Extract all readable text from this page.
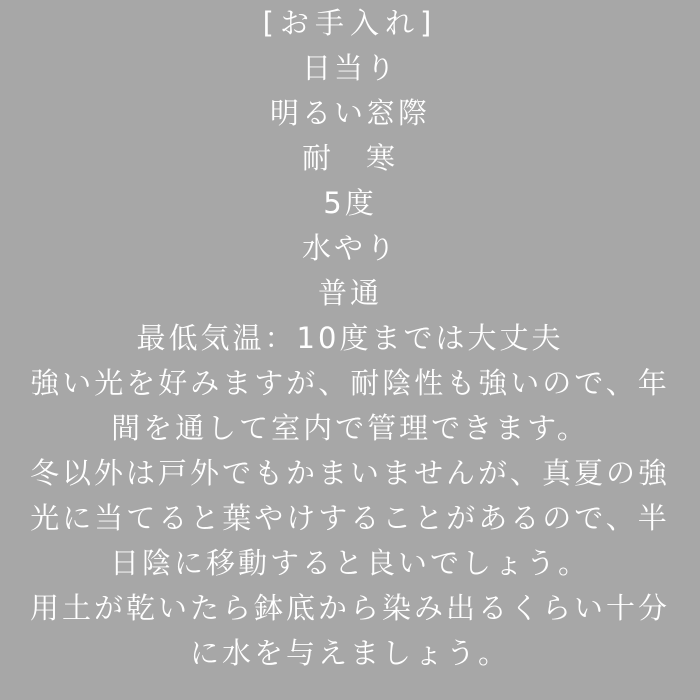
[お手入れ]
日当り
明るい窓際
耐　寒
5度
水やり
普通
最低気温：10度までは大丈夫
強い光を好みますが、耐陰性も強いので、年
間を通して室内で管理できます。
冬以外は戸外でもかまいませんが、真夏の強
光に当てると葉やけすることがあるので、半
日陰に移動すると良いでしょう。
用土が乾いたら鉢底から染み出るくらい十分
に水を与えましょう。
